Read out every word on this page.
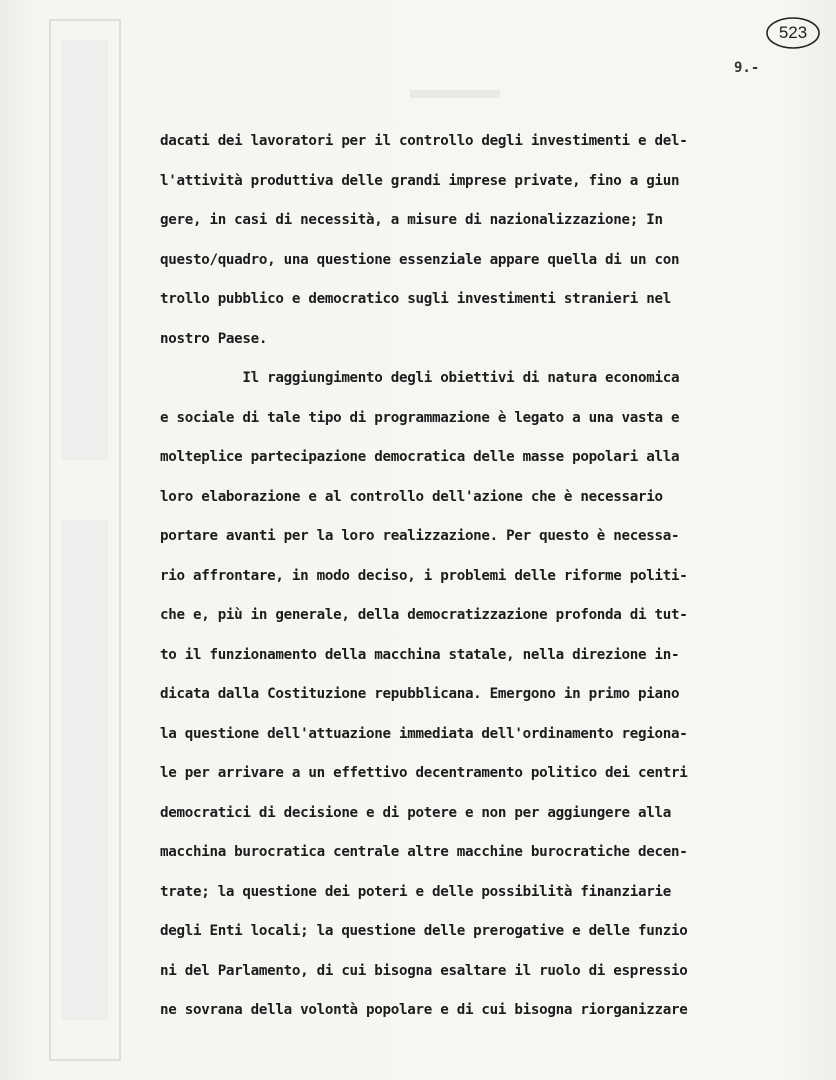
523
9.-
dacati dei lavoratori per il controllo degli investimenti e del-
l'attività produttiva delle grandi imprese private, fino a giun
gere, in casi di necessità, a misure di nazionalizzazione; In
questo/quadro, una questione essenziale appare quella di un con
trollo pubblico e democratico sugli investimenti stranieri nel
nostro Paese.
Il raggiungimento degli obiettivi di natura economica
e sociale di tale tipo di programmazione è legato a una vasta e
molteplice partecipazione democratica delle masse popolari alla
loro elaborazione e al controllo dell'azione che è necessario
portare avanti per la loro realizzazione. Per questo è necessa-
rio affrontare, in modo deciso, i problemi delle riforme politi-
che e, più in generale, della democratizzazione profonda di tut-
to il funzionamento della macchina statale, nella direzione in-
dicata dalla Costituzione repubblicana. Emergono in primo piano
la questione dell'attuazione immediata dell'ordinamento regiona-
le per arrivare a un effettivo decentramento politico dei centri
democratici di decisione e di potere e non per aggiungere alla
macchina burocratica centrale altre macchine burocratiche decen-
trate; la questione dei poteri e delle possibilità finanziarie
degli Enti locali; la questione delle prerogative e delle funzio
ni del Parlamento, di cui bisogna esaltare il ruolo di espressio
ne sovrana della volontà popolare e di cui bisogna riorganizzare
